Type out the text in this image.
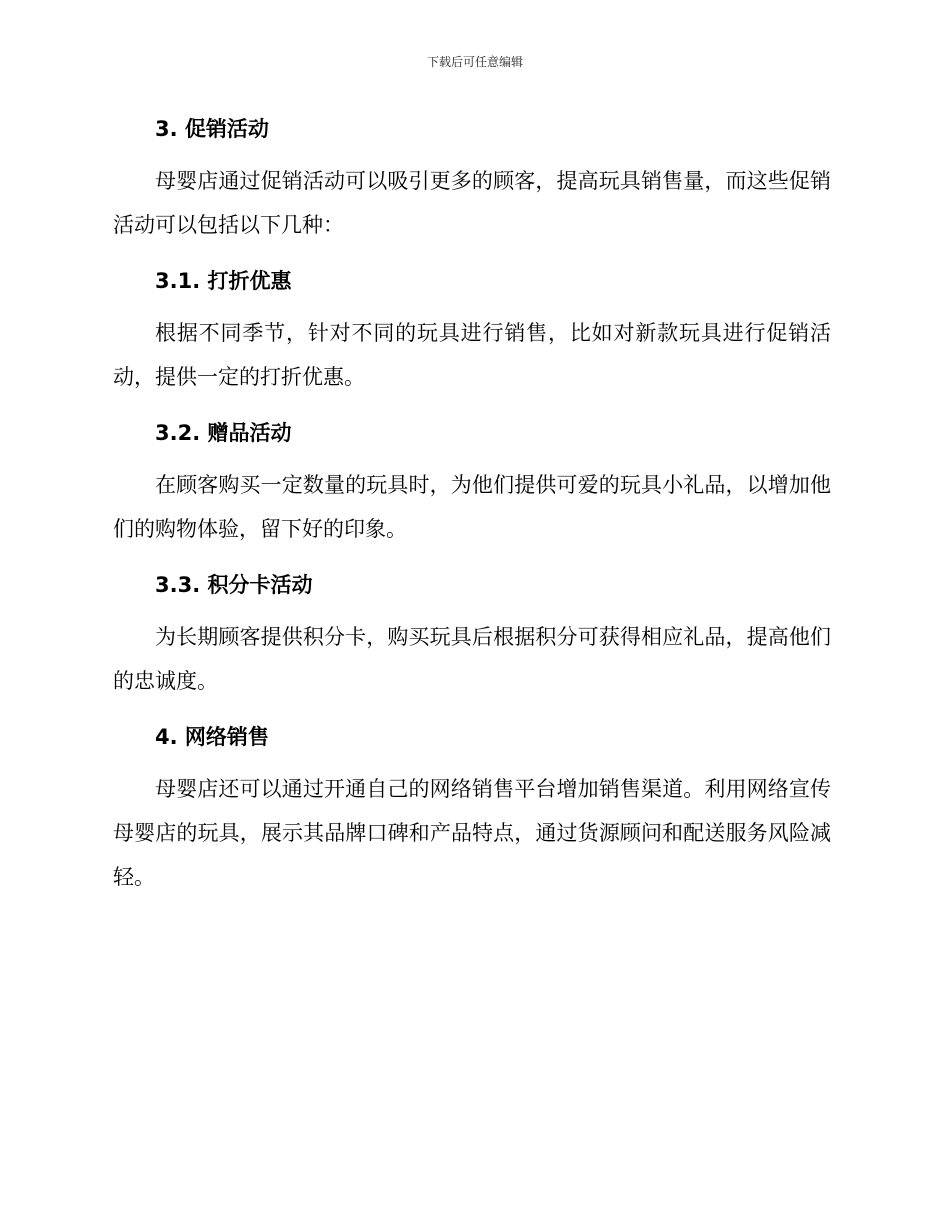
下载后可任意编辑
3. 促销活动

母婴店通过促销活动可以吸引更多的顾客，提高玩具销售量，而这些促销活动可以包括以下几种：

3.1. 打折优惠

根据不同季节，针对不同的玩具进行销售，比如对新款玩具进行促销活动，提供一定的打折优惠。

3.2. 赠品活动

在顾客购买一定数量的玩具时，为他们提供可爱的玩具小礼品，以增加他们的购物体验，留下好的印象。

3.3. 积分卡活动

为长期顾客提供积分卡，购买玩具后根据积分可获得相应礼品，提高他们的忠诚度。

4. 网络销售

母婴店还可以通过开通自己的网络销售平台增加销售渠道。利用网络宣传母婴店的玩具，展示其品牌口碑和产品特点，通过货源顾问和配送服务风险减轻。
